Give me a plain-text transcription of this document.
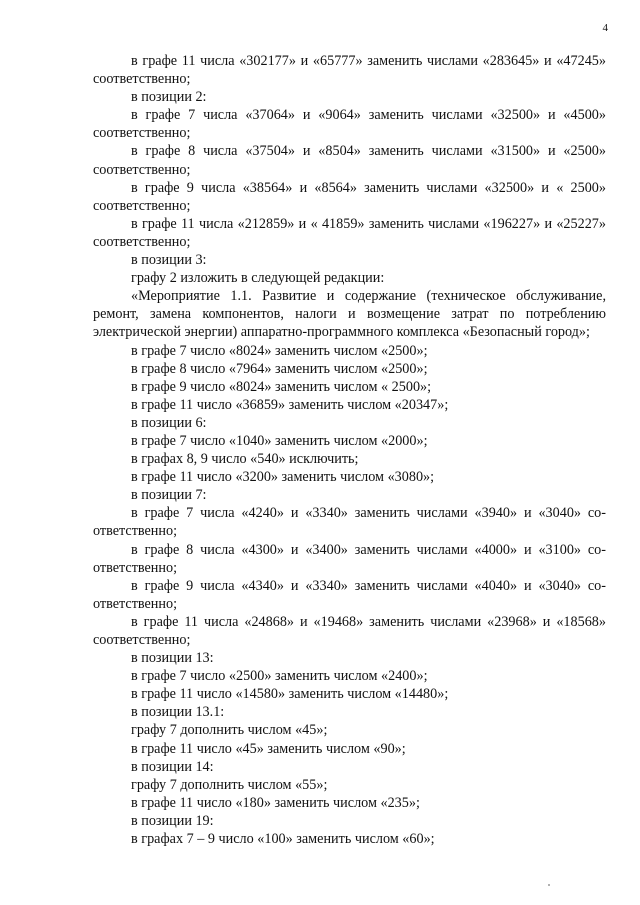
4

в графе 11 числа «302177» и «65777» заменить числами «283645» и «47245» соответственно;

в позиции 2:

в графе 7 числа «37064» и «9064» заменить числами «32500» и «4500» соответственно;

в графе 8 числа «37504» и «8504» заменить числами «31500» и «2500» соответственно;

в графе 9 числа «38564» и «8564» заменить числами «32500» и « 2500» соответственно;

в графе 11 числа «212859» и « 41859» заменить числами «196227» и «25227» соответственно;

в позиции 3:

графу 2 изложить в следующей редакции:

«Мероприятие 1.1. Развитие и содержание (техническое обслуживание, ремонт, замена компонентов, налоги и возмещение затрат по потреблению электрической энергии) аппаратно-программного комплекса «Безопасный город»;

в графе 7 число «8024» заменить числом «2500»;

в графе 8 число «7964» заменить числом «2500»;

в графе 9 число «8024» заменить числом « 2500»;

в графе 11 число «36859» заменить числом «20347»;

в позиции 6:

в графе 7 число «1040» заменить числом «2000»;

в графах 8, 9 число «540» исключить;

в графе 11 число «3200» заменить числом «3080»;

в позиции 7:

в графе 7 числа «4240» и «3340» заменить числами «3940» и «3040» со-ответственно;

в графе 8 числа «4300» и «3400» заменить числами «4000» и «3100» со-ответственно;

в графе 9 числа «4340» и «3340» заменить числами «4040» и «3040» со-ответственно;

в графе 11 числа «24868» и «19468» заменить числами «23968» и «18568» соответственно;

в позиции 13:

в графе 7 число «2500» заменить числом «2400»;

в графе 11 число «14580» заменить числом «14480»;

в позиции 13.1:

графу 7 дополнить числом «45»;

в графе 11 число «45» заменить числом «90»;

в позиции 14:

графу 7 дополнить числом «55»;

в графе 11 число «180» заменить числом «235»;

в позиции 19:

в графах 7 – 9 число «100» заменить числом «60»;
